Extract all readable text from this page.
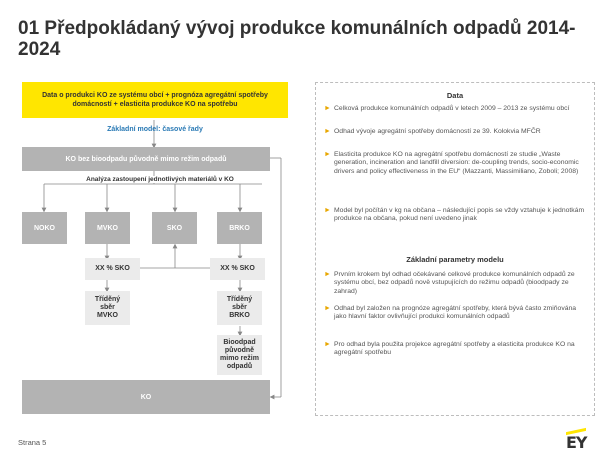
01 Předpokládaný vývoj produkce komunálních odpadů 2014-2024
Data o produkci KO ze systému obcí + prognóza agregátní spotřeby domácností + elasticita produkce KO na spotřebu
Základní model: časové řady
KO bez bioodpadu původně mimo režim odpadů
Analýza zastoupení jednotlivých materiálů v KO
NOKO	MVKO	SKO	BRKO
XX % SKO	XX % SKO
Tříděný sběr MVKO
Tříděný sběr BRKO
Bioodpad původně mimo režim odpadů
KO
Data
► Celková produkce komunálních odpadů v letech 2009 – 2013 ze systému obcí
► Odhad vývoje agregátní spotřeby domácností ze 39. Kolokvia MFČR
► Elasticita produkce KO na agregátní spotřebu domácností ze studie „Waste generation, incineration and landfill diversion: de-coupling trends, socio-economic drivers and policy effectiveness in the EU“ (Mazzanti, Massimiliano, Zoboli; 2008)
► Model byl počítán v kg na občana – následující popis se vždy vztahuje k jednotkám produkce na občana, pokud není uvedeno jinak
Základní parametry modelu
► Prvním krokem byl odhad očekávané celkové produkce komunálních odpadů ze systému obcí, bez odpadů nově vstupujících do režimu odpadů (bioodpady ze zahrad)
► Odhad byl založen na prognóze agregátní spotřeby, která bývá často zmiňována jako hlavní faktor ovlivňující produkci komunálních odpadů
► Pro odhad byla použita projekce agregátní spotřeby a elasticita produkce KO na agregátní spotřebu
Strana 5	EY
